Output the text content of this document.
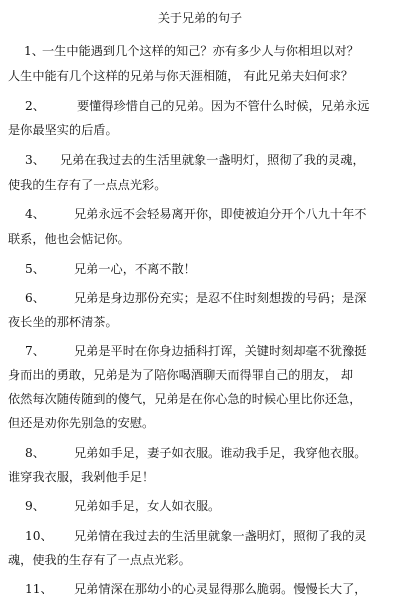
关于兄弟的句子
1、
一生中能遇到几个这样的知己？亦有多少人与你相坦以对？
人生中能有几个这样的兄弟与你天涯相随， 有此兄弟夫妇何求？
2、	要懂得珍惜自己的兄弟。因为不管什么时候，兄弟永远
是你最坚实的后盾。
3、 兄弟在我过去的生活里就象一盏明灯，照彻了我的灵魂，
使我的生存有了一点点光彩。
4、 兄弟永远不会轻易离开你，即使被迫分开个八九十年不
联系，他也会惦记你。
5、 兄弟一心，不离不散！
6、 兄弟是身边那份充实；是忍不住时刻想拨的号码；是深
夜长坐的那杯清茶。
7、 兄弟是平时在你身边插科打诨，关键时刻却毫不犹豫挺
身而出的勇敢，兄弟是为了陪你喝酒聊天而得罪自己的朋友， 却
依然每次随传随到的傻气，兄弟是在你心急的时候心里比你还急，
但还是劝你先别急的安慰。
8、 兄弟如手足，妻子如衣服。谁动我手足，我穿他衣服。
谁穿我衣服，我剁他手足！
9、 兄弟如手足，女人如衣服。
10、 兄弟情在我过去的生活里就象一盏明灯，照彻了我的灵
魂，使我的生存有了一点点光彩。
11、 兄弟情深在那幼小的心灵显得那么脆弱。慢慢长大了，
